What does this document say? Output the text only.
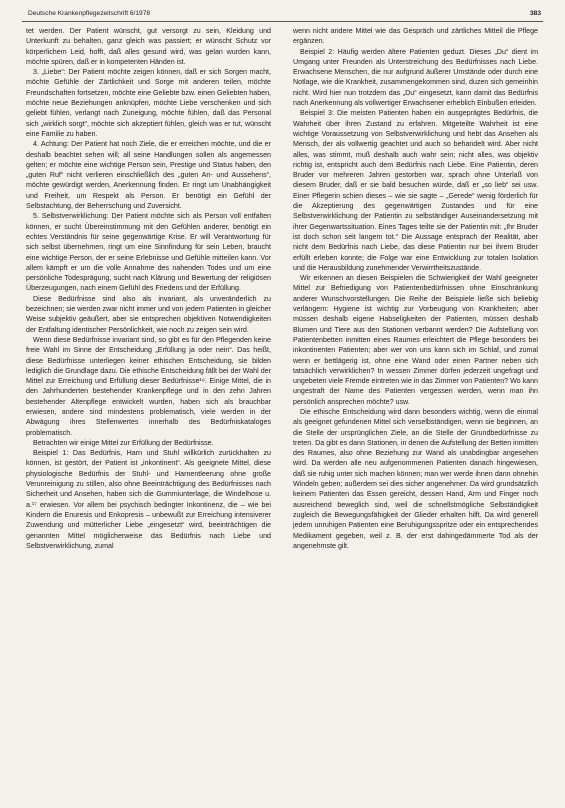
Deutsche Krankenpflegezeitschrift 6/1978	383

tet werden. Der Patient wünscht, gut versorgt zu sein, Kleidung und Unterkunft zu behalten, ganz gleich was passiert; er wünscht Schutz vor körperlichem Leid, hofft, daß alles gesund wird, was gelan wurden kann, möchte spüren, daß er in kompetenten Händen ist.

3. „Liebe“: Der Patient möchte zeigen können, daß er sich Sorgen macht, möchte Gefühle der Zärtlichkeit und Sorge mit anderen teilen, möchte Freundschaften fortsetzen, möchte eine Geliebte bzw. einen Geliebten haben, möchte neue Beziehungen anknüpfen, möchte Liebe verschenken und sich geliebt fühlen, verlangt nach Zuneigung, möchte fühlen, daß das Personal sich „wirklich sorgt“, möchte sich akzeptiert fühlen, gleich was er tut, wünscht eine Familie zu haben.

4. Achtung: Der Patient hat noch Ziele, die er erreichen möchte, und die er deshalb beachtet sehen will; all seine Handlungen sollen als angemessen gelten; er möchte eine wichtige Person sein, Prestige und Status haben, den „guten Ruf“ nicht verlieren einschließlich des „guten An- und Aussehens“, möchte gewürdigt werden, Anerkennung finden. Er ringt um Unabhängigkeit und Freiheit, um Respekt als Person. Er benötigt ein Gefühl der Selbstachtung, der Beherrschung und Zuversicht.

5. Selbstverwirklichung: Der Patient möchte sich als Person voll entfalten können, er sucht Übereinstimmung mit den Gefühlen anderer, benötigt ein echtes Verständnis für seine gegenwärtige Krise. Er will Verantwortung für sich selbst übernehmen, ringt um eine Sinnfindung für sein Leben, braucht eine wichtige Person, der er seine Erlebnisse und Gefühle mitteilen kann. Vor allem kämpft er um die volle Annahme des nahenden Todes und um eine persönliche Todesprägung, sucht nach Klärung und Bewertung der religiösen Überzeugungen, nach einem Gefühl des Friedens und der Erfüllung.

Diese Bedürfnisse sind also als invariant, als unveränderlich zu bezeichnen; sie werden zwar nicht immer und von jedem Patienten in gleicher Weise subjektiv geäußert, aber sie entsprechen objektiven Notwendigkeiten der Entfaltung identischer Persönlichkeit, wie noch zu zeigen sein wird.

Wenn diese Bedürfnisse invariant sind, so gibt es für den Pflegenden keine freie Wahl im Sinne der Entscheidung „Erfüllung ja oder nein“. Das heißt, diese Bedürfnisse unterliegen keiner ethischen Entscheidung, sie bilden lediglich die Grundlage dazu. Die ethische Entscheidung fällt bei der Wahl der Mittel zur Erreichung und Erfüllung dieser Bedürfnisse¹⁶. Einige Mittel, die in den Jahrhunderten bestehender Krankenpflege und in den zehn Jahren bestehender Altenpflege entwickelt wurden, haben sich als brauchbar erwiesen, andere sind mindestens problematisch, viele werden in der Abwägung ihres Stellenwertes innerhalb des Bedürfniskataloges problematisch.

Betrachten wir einige Mittel zur Erfüllung der Bedürfnisse.

Beispiel 1: Das Bedürfnis, Harn und Stuhl willkürlich zurückhalten zu können, ist gestört, der Patient ist „inkontinent“. Als geeignete Mittel, diese physiologische Bedürfnis der Stuhl- und Harnentleerung ohne große Verunreinigung zu stillen, also ohne Beeinträchtigung des Bedürfnisses nach Sicherheit und Ansehen, haben sich die Gummiunterlage, die Windelhose u. a.¹⁷ erwiesen. Vor allem bei psychisch bedingter Inkontinenz, die – wie bei Kindern die Enuresis und Enkopresis – unbewußt zur Erreichung intensiverer Zuwendung und mütterlicher Liebe „eingesetzt“ wird, beeinträchtigen die genannten Mittel möglicherweise das Bedürfnis nach Liebe und Selbstverwirklichung, zumal

wenn nicht andere Mittel wie das Gespräch und zärtliches Mitteil die Pflege ergänzen.

Beispiel 2: Häufig werden ältere Patienten geduzt. Dieses „Du“ dient im Umgang unter Freunden als Unterstreichung des Bedürfnisses nach Liebe. Erwachsene Menschen, die nur aufgrund äußerer Umstände oder durch eine Notlage, wie die Krankheit, zusammengekommen sind, duzen sich gemeinhin nicht. Wird hier nun trotzdem das „Du“ eingesetzt, kann damit das Bedürfnis nach Anerkennung als vollwertiger Erwachsener erheblich Einbußen erleiden.

Beispiel 3: Die meisten Patienten haben ein ausgeprägtes Bedürfnis, die Wahrheit über ihren Zustand zu erfahren. Mitgeteilte Wahrheit ist eine wichtige Voraussetzung von Selbstverwirklichung und hebt das Ansehen als Mensch, der als vollwertig geachtet und auch so behandelt wird. Aber nicht alles, was stimmt, muß deshalb auch wahr sein; nicht alles, was objektiv richtig ist, entspricht auch dem Bedürfnis nach Liebe. Eine Patientin, deren Bruder vor mehreren Jahren gestorben war, sprach ohne Unterlaß von diesem Bruder, daß er sie bald besuchen würde, daß er „so lieb“ sei usw. Einer Pflegerin schien dieses – wie sie sagte – „Gerede“ wenig förderlich für die Akzeptierung des gegenwärtigen Zustandes und für eine Selbstverwirklichung der Patientin zu selbständiger Auseinandersetzung mit ihrer Gegenwartssituation. Eines Tages teilte sie der Patientin mit: „Ihr Bruder ist doch schon seit langem tot.“ Die Aussage entsprach der Realität, aber nicht dem Bedürfnis nach Liebe, das diese Patientin nur bei ihrem Bruder erfüllt erleben konnte; die Folge war eine Entwicklung zur totalen Isolation und die Herausbildung zunehmender Verwirrtheitszustände.

Wir erkennen an diesen Beispielen die Schwierigkeit der Wahl geeigneter Mittel zur Befriedigung von Patientenbedürfnissen ohne Einschränkung anderer Wunschvorstellungen. Die Reihe der Beispiele ließe sich beliebig verlängern: Hygiene ist wichtig zur Vorbeugung von Krankheiten; aber müssen deshalb eigene Habseligkeiten der Patienten, müssen deshalb Blumen und Tiere aus den Stationen verbannt werden? Die Aufstellung von Patientenbetten inmitten eines Raumes erleichtert die Pflege besonders bei inkontinenten Patienten; aber wer von uns kann sich im Schlaf, und zumal wenn er bettlägerig ist, ohne eine Wand oder einen Partner neben sich tatsächlich verwirklichen? In wessen Zimmer dürfen jederzeit ungefragt und ungebeten viele Fremde eintreten wie in das Zimmer von Patienten? Wo kann ungestraft der Name des Patienten vergessen werden, wenn man ihn persönlich ansprechen möchte? usw.

Die ethische Entscheidung wird dann besonders wichtig, wenn die einmal als geeignet gefundenen Mittel sich verselbständigen, wenn sie beginnen, an die Stelle der ursprünglichen Ziele, an die Stelle der Grundbedürfnisse zu treten. Da gibt es dann Stationen, in denen die Aufstellung der Betten inmitten des Raumes, also ohne Beziehung zur Wand als unabdingbar angesehen wird. Da werden alle neu aufgenommenen Patienten danach hingewiesen, daß sie ruhig unter sich machen können; man wer werde ihnen dann ohnehin Windeln geben; außerdem sei dies sicher angenehmer. Da wird grundsätzlich keinem Patienten das Essen gereicht, dessen Hand, Arm und Finger noch ausreichend beweglich sind, weil die schnellstmögliche Selbständigkeit zugleich die Bewegungsfähigkeit der Glieder erhalten hilft. Da wird generell jedem unruhigen Patienten eine Beruhigungsspritze oder ein entsprechendes Medikament gegeben, weil z. B. der erst dahingedämmerte Tod als der angenehmste gilt.
